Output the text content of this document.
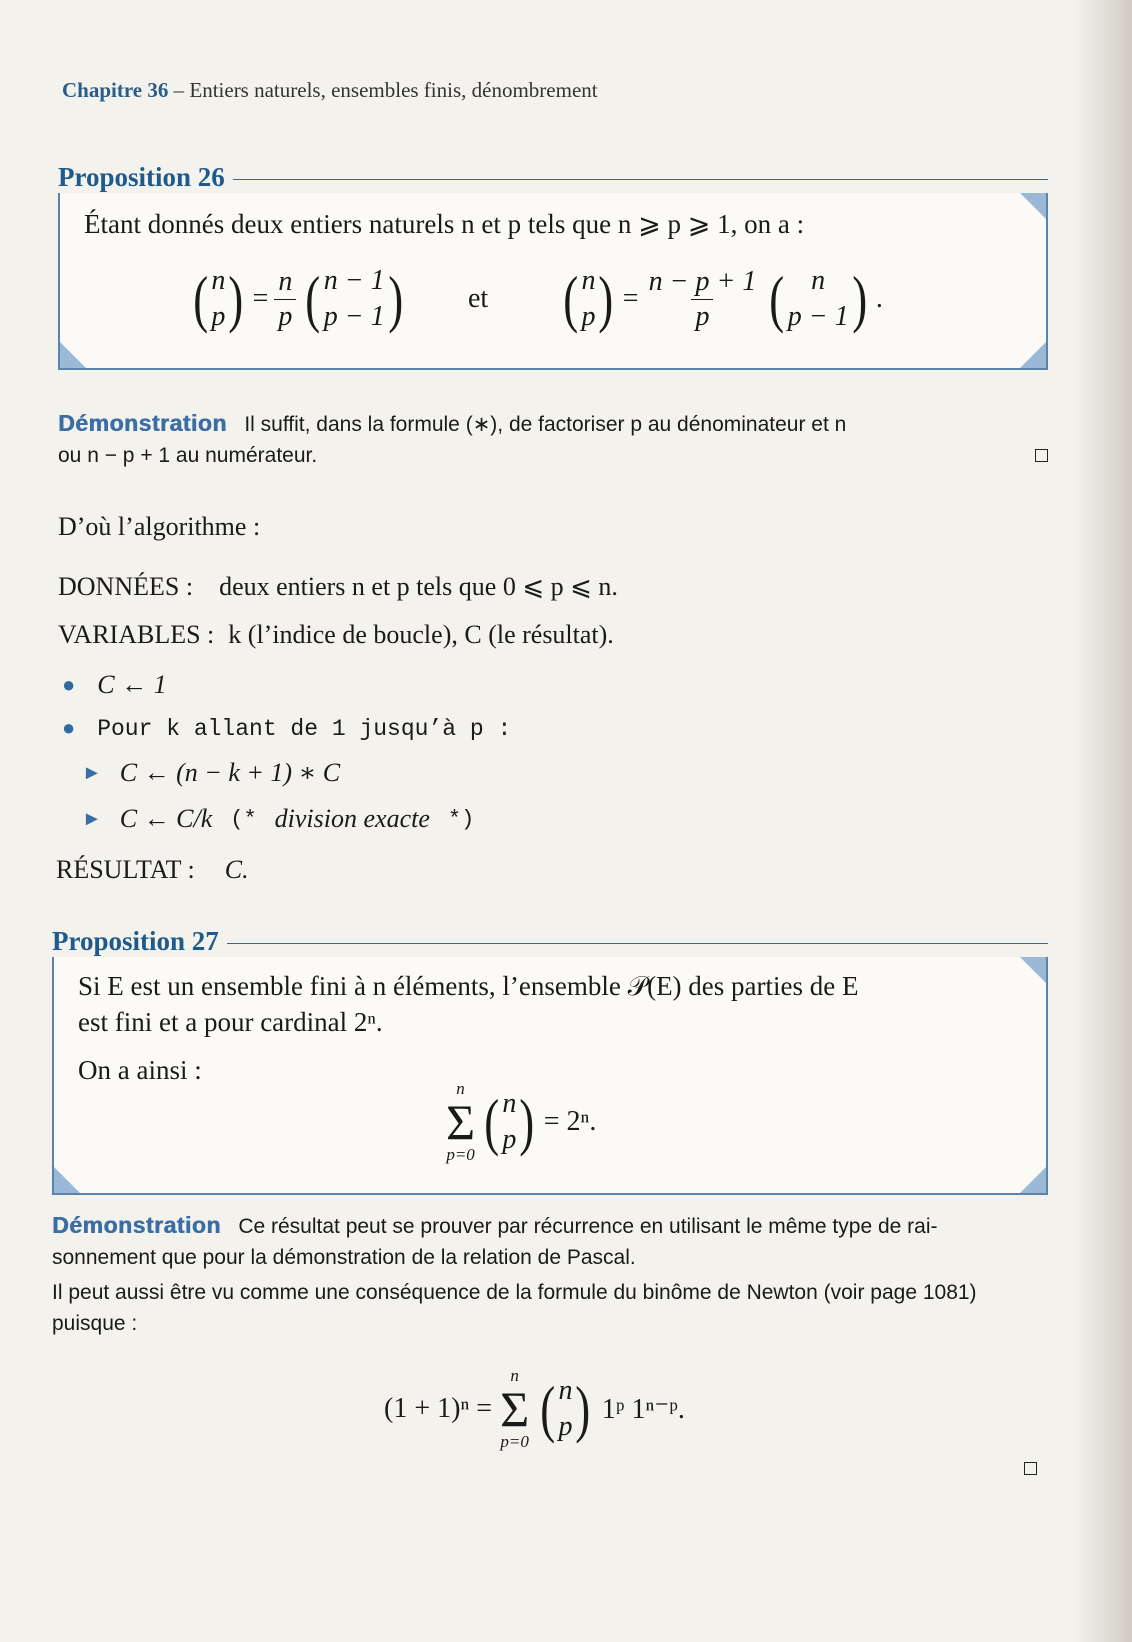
Chapitre 36 – Entiers naturels, ensembles finis, dénombrement
Proposition 26
Étant donnés deux entiers naturels n et p tels que n ⩾ p ⩾ 1, on a :
( n
p ) = $\frac{n}{p}$ ( n − 1
p − 1 ) et ( n
p ) = $\frac{n - p + 1}{p}$ ( n
p − 1 ) .
Démonstration Il suffit, dans la formule (∗), de factoriser p au dénominateur et n
ou n − p + 1 au numérateur.
D’où l’algorithme :
DONNÉES : deux entiers n et p tels que 0 ⩽ p ⩽ n.
VARIABLES : k (l’indice de boucle), C (le résultat).
● C ← 1
● Pour k allant de 1 jusqu’à p :
► C ← (n − k + 1) ∗ C
► C ← C/k (* division exacte *)
RÉSULTAT : C.
Proposition 27
Si E est un ensemble fini à n éléments, l’ensemble 𝒫(E) des parties de E
est fini et a pour cardinal 2ⁿ.
On a ainsi :
n
Σ
p=0 ( n
p ) = 2ⁿ.
Démonstration Ce résultat peut se prouver par récurrence en utilisant le même type de rai-
sonnement que pour la démonstration de la relation de Pascal.
Il peut aussi être vu comme une conséquence de la formule du binôme de Newton (voir page 1081)
puisque :
(1 + 1)ⁿ =
n
Σ
p=0 ( n
p ) 1ᵖ 1ⁿ⁻ᵖ.
